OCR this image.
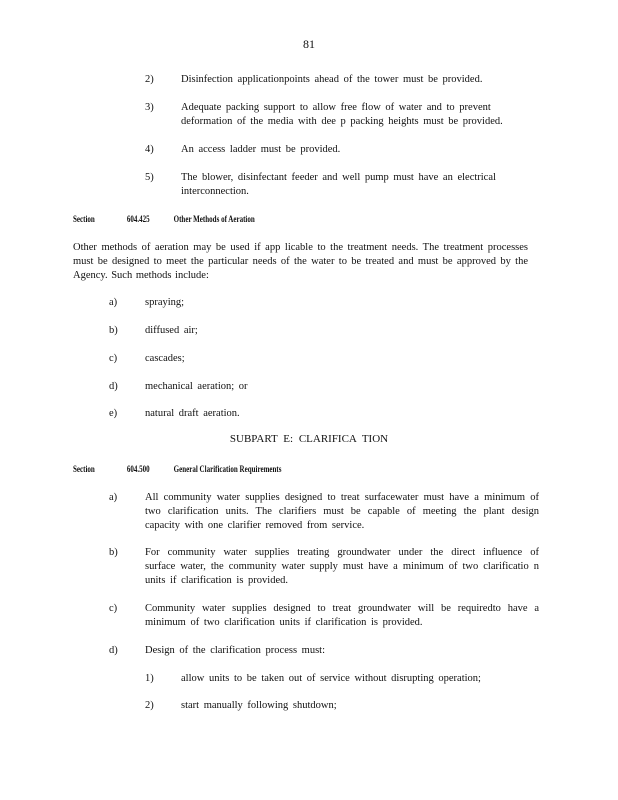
81
2)	Disinfection applicationpoints ahead of the tower must be provided.
3)	Adequate packing support to allow free flow of water and to prevent deformation of the media with dee p packing heights must be provided.
4)	An access ladder must be provided.
5)	The blower, disinfectant feeder and well pump must have an electrical interconnection.
Section	604.425	Other Methods of Aeration
Other methods of aeration may be used if app licable to the treatment needs. The treatment processes must be designed to meet the particular needs of the water to be treated and must be approved by the Agency. Such methods include:
a)	spraying;
b)	diffused air;
c)	cascades;
d)	mechanical aeration; or
e)	natural draft aeration.
SUBPART E: CLARIFICA TION
Section	604.500	General Clarification Requirements
a)	All community water supplies designed to treat surfacewater must have a minimum of two clarification units. The clarifiers must be capable of meeting the plant design capacity with one clarifier removed from service.
b)	For community water supplies treating groundwater under the direct influence of surface water, the community water supply must have a minimum of two clarificatio n units if clarification is provided.
c)	Community water supplies designed to treat groundwater will be requiredto have a minimum of two clarification units if clarification is provided.
d)	Design of the clarification process must:
1)	allow units to be taken out of service without disrupting operation;
2)	start manually following shutdown;
